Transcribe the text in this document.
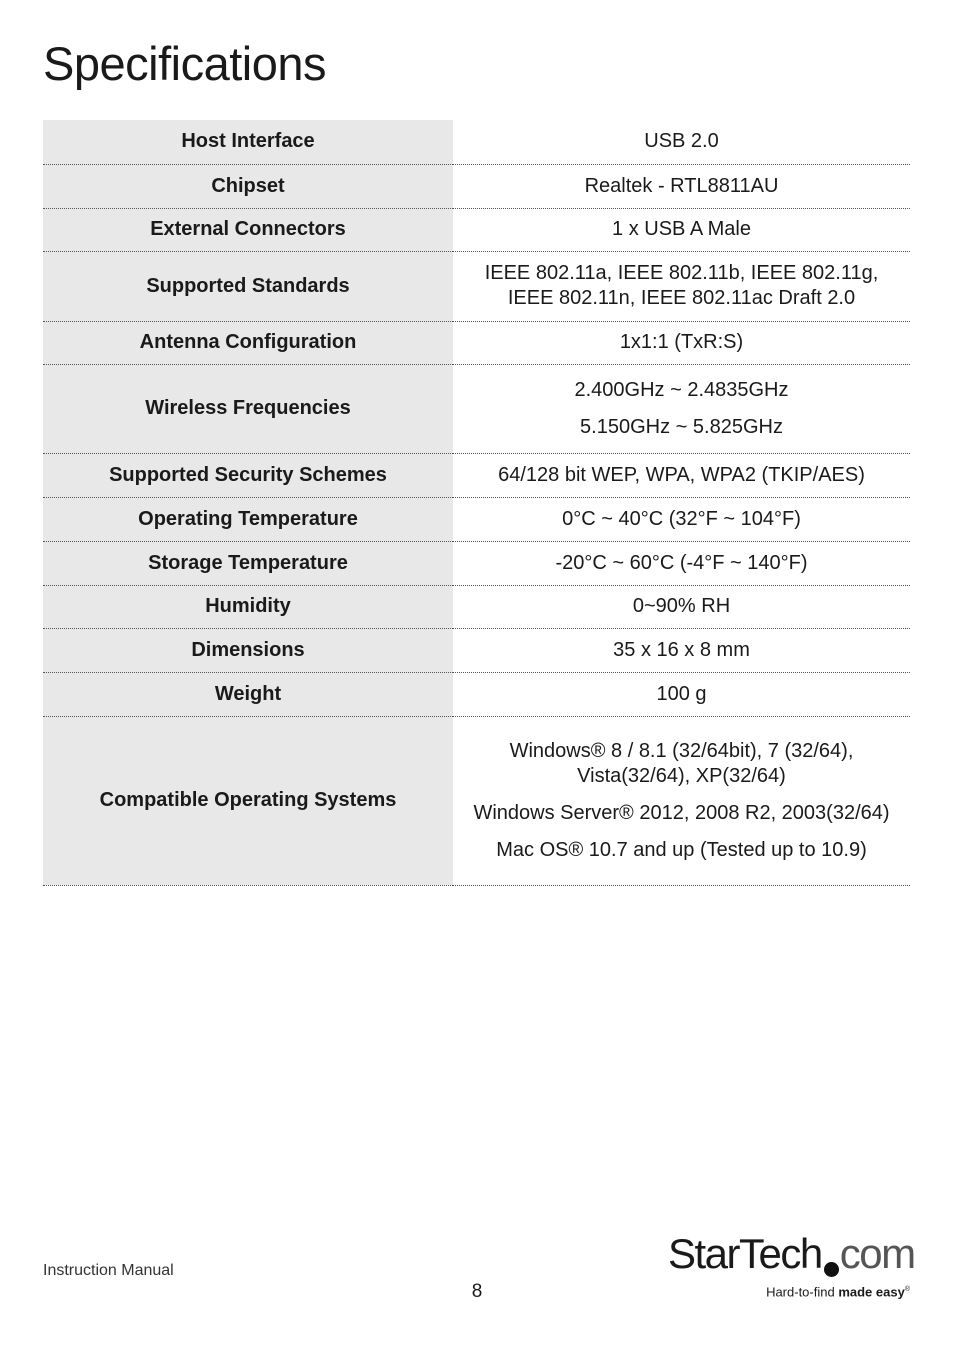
Specifications
Host Interface	USB 2.0

Chipset	Realtek - RTL8811AU

External Connectors	1 x USB A Male

Supported Standards	IEEE 802.11a, IEEE 802.11b, IEEE 802.11g, IEEE 802.11n, IEEE 802.11ac Draft 2.0

Antenna Configuration	1x1:1 (TxR:S)

Wireless Frequencies	2.400GHz ~ 2.4835GHz
5.150GHz ~ 5.825GHz

Supported Security Schemes	64/128 bit WEP, WPA, WPA2 (TKIP/AES)

Operating Temperature	0°C ~ 40°C (32°F ~ 104°F)

Storage Temperature	-20°C ~ 60°C (-4°F ~ 140°F)

Humidity	0~90% RH

Dimensions	35 x 16 x 8 mm

Weight	100 g

Compatible Operating Systems	Windows® 8 / 8.1 (32/64bit), 7 (32/64), Vista(32/64), XP(32/64)
Windows Server® 2012, 2008 R2, 2003(32/64)
Mac OS® 10.7 and up (Tested up to 10.9)
Instruction Manual
8
StarTech com
Hard-to-find made easy®
